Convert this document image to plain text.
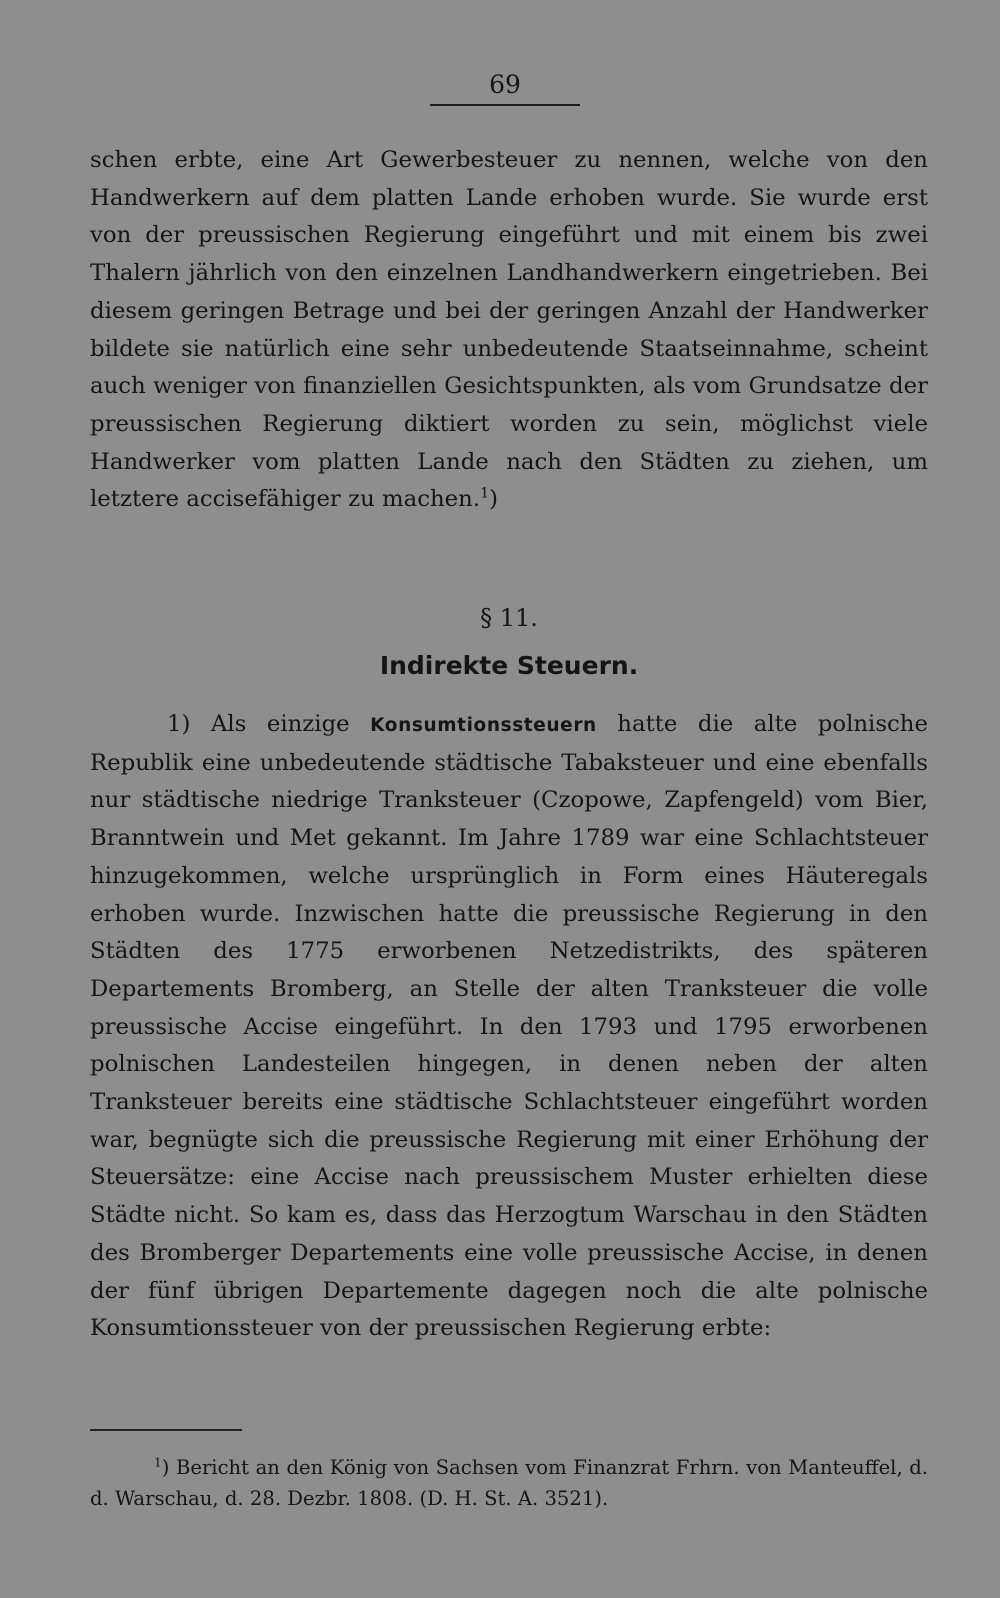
69

schen erbte, eine Art Gewerbesteuer zu nennen, welche von den Handwerkern auf dem platten Lande erhoben wurde. Sie wurde erst von der preussischen Regierung eingeführt und mit einem bis zwei Thalern jährlich von den einzelnen Landhandwerkern eingetrieben. Bei diesem geringen Betrage und bei der geringen Anzahl der Handwerker bildete sie natürlich eine sehr unbedeutende Staatseinnahme, scheint auch weniger von finanziellen Gesichtspunkten, als vom Grundsatze der preussischen Regierung diktiert worden zu sein, möglichst viele Handwerker vom platten Lande nach den Städten zu ziehen, um letztere accisefähiger zu machen.$^1$)

§ 11.
Indirekte Steuern.

1) Als einzige Konsumtionssteuern hatte die alte polnische Republik eine unbedeutende städtische Tabaksteuer und eine ebenfalls nur städtische niedrige Tranksteuer (Czopowe, Zapfengeld) vom Bier, Branntwein und Met gekannt. Im Jahre 1789 war eine Schlachtsteuer hinzugekommen, welche ursprünglich in Form eines Häuteregals erhoben wurde. Inzwischen hatte die preussische Regierung in den Städten des 1775 erworbenen Netzedistrikts, des späteren Departements Bromberg, an Stelle der alten Tranksteuer die volle preussische Accise eingeführt. In den 1793 und 1795 erworbenen polnischen Landesteilen hingegen, in denen neben der alten Tranksteuer bereits eine städtische Schlachtsteuer eingeführt worden war, begnügte sich die preussische Regierung mit einer Erhöhung der Steuersätze: eine Accise nach preussischem Muster erhielten diese Städte nicht. So kam es, dass das Herzogtum Warschau in den Städten des Bromberger Departements eine volle preussische Accise, in denen der fünf übrigen Departemente dagegen noch die alte polnische Konsumtionssteuer von der preussischen Regierung erbte:

$^1$) Bericht an den König von Sachsen vom Finanzrat Frhrn. von Manteuffel, d. d. Warschau, d. 28. Dezbr. 1808. (D. H. St. A. 3521).
